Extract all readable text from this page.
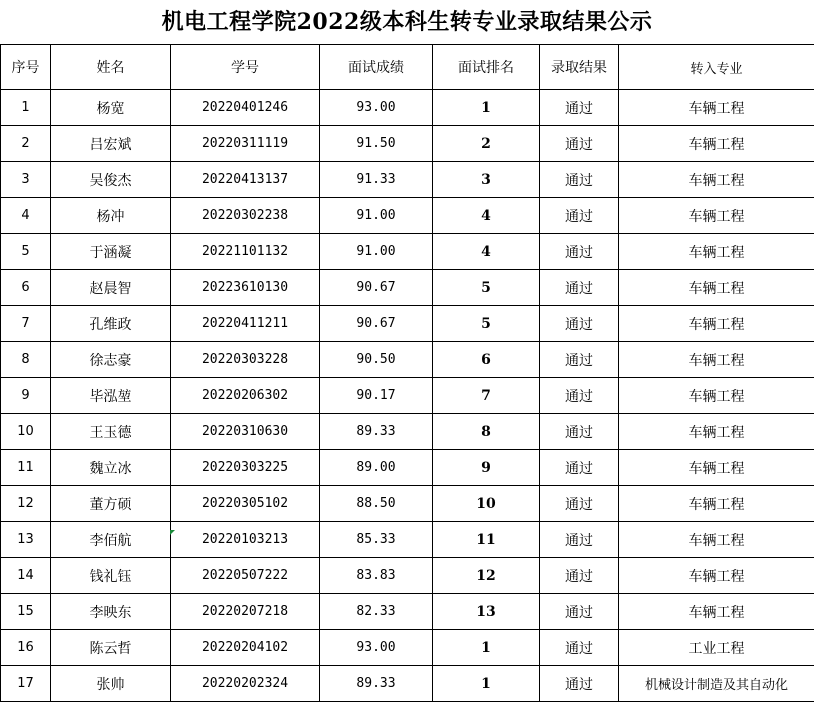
机电工程学院2022级本科生转专业录取结果公示
序号	姓名	学号	面试成绩	面试排名	录取结果	转入专业
1	杨宽	20220401246	93.00	1	通过	车辆工程
2	吕宏斌	20220311119	91.50	2	通过	车辆工程
3	吴俊杰	20220413137	91.33	3	通过	车辆工程
4	杨冲	20220302238	91.00	4	通过	车辆工程
5	于涵凝	20221101132	91.00	4	通过	车辆工程
6	赵晨智	20223610130	90.67	5	通过	车辆工程
7	孔维政	20220411211	90.67	5	通过	车辆工程
8	徐志豪	20220303228	90.50	6	通过	车辆工程
9	毕泓堃	20220206302	90.17	7	通过	车辆工程
10	王玉德	20220310630	89.33	8	通过	车辆工程
11	魏立冰	20220303225	89.00	9	通过	车辆工程
12	董方硕	20220305102	88.50	10	通过	车辆工程
13	李佰航	20220103213	85.33	11	通过	车辆工程
14	钱礼钰	20220507222	83.83	12	通过	车辆工程
15	李映东	20220207218	82.33	13	通过	车辆工程
16	陈云哲	20220204102	93.00	1	通过	工业工程
17	张帅	20220202324	89.33	1	通过	机械设计制造及其自动化
